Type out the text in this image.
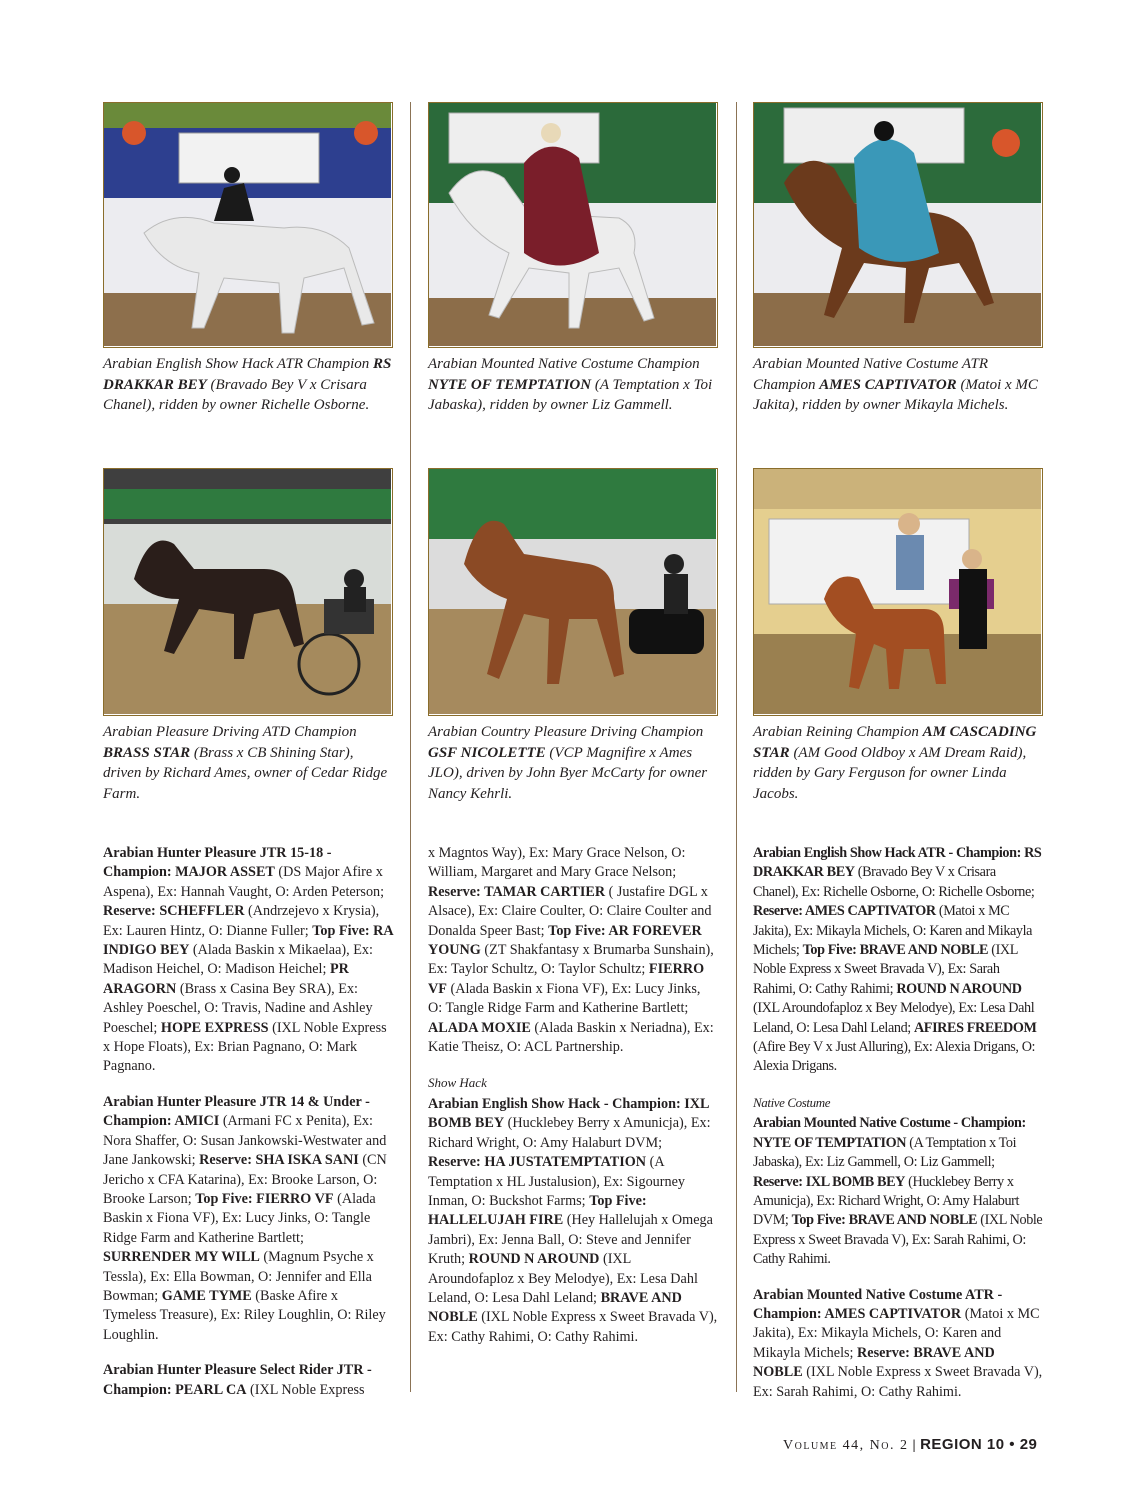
Arabian English Show Hack ATR Champion RS DRAKKAR BEY (Bravado Bey V x Crisara Chanel), ridden by owner Richelle Osborne.

Arabian Pleasure Driving ATD Champion BRASS STAR (Brass x CB Shining Star), driven by Richard Ames, owner of Cedar Ridge Farm.

Arabian Hunter Pleasure JTR 15-18 - Champion: MAJOR ASSET (DS Major Afire x Aspena), Ex: Hannah Vaught, O: Arden Peterson; Reserve: SCHEFFLER (Andrzejevo x Krysia), Ex: Lauren Hintz, O: Dianne Fuller; Top Five: RA INDIGO BEY (Alada Baskin x Mikaelaa), Ex: Madison Heichel, O: Madison Heichel; PR ARAGORN (Brass x Casina Bey SRA), Ex: Ashley Poeschel, O: Travis, Nadine and Ashley Poeschel; HOPE EXPRESS (IXL Noble Express x Hope Floats), Ex: Brian Pagnano, O: Mark Pagnano.

Arabian Hunter Pleasure JTR 14 & Under - Champion: AMICI (Armani FC x Penita), Ex: Nora Shaffer, O: Susan Jankowski-Westwater and Jane Jankowski; Reserve: SHA ISKA SANI (CN Jericho x CFA Katarina), Ex: Brooke Larson, O: Brooke Larson; Top Five: FIERRO VF (Alada Baskin x Fiona VF), Ex: Lucy Jinks, O: Tangle Ridge Farm and Katherine Bartlett; SURRENDER MY WILL (Magnum Psyche x Tessla), Ex: Ella Bowman, O: Jennifer and Ella Bowman; GAME TYME (Baske Afire x Tymeless Treasure), Ex: Riley Loughlin, O: Riley Loughlin.

Arabian Hunter Pleasure Select Rider JTR - Champion: PEARL CA (IXL Noble Express

Arabian Mounted Native Costume Champion NYTE OF TEMPTATION (A Temptation x Toi Jabaska), ridden by owner Liz Gammell.

Arabian Country Pleasure Driving Champion GSF NICOLETTE (VCP Magnifire x Ames JLO), driven by John Byer McCarty for owner Nancy Kehrli.

x Magntos Way), Ex: Mary Grace Nelson, O: William, Margaret and Mary Grace Nelson; Reserve: TAMAR CARTIER ( Justafire DGL x Alsace), Ex: Claire Coulter, O: Claire Coulter and Donalda Speer Bast; Top Five: AR FOREVER YOUNG (ZT Shakfantasy x Brumarba Sunshain), Ex: Taylor Schultz, O: Taylor Schultz; FIERRO VF (Alada Baskin x Fiona VF), Ex: Lucy Jinks, O: Tangle Ridge Farm and Katherine Bartlett; ALADA MOXIE (Alada Baskin x Neriadna), Ex: Katie Theisz, O: ACL Partnership.

Show Hack

Arabian English Show Hack - Champion: IXL BOMB BEY (Hucklebey Berry x Amunicja), Ex: Richard Wright, O: Amy Halaburt DVM; Reserve: HA JUSTATEMPTATION (A Temptation x HL Justalusion), Ex: Sigourney Inman, O: Buckshot Farms; Top Five: HALLELUJAH FIRE (Hey Hallelujah x Omega Jambri), Ex: Jenna Ball, O: Steve and Jennifer Kruth; ROUND N AROUND (IXL Aroundofaploz x Bey Melodye), Ex: Lesa Dahl Leland, O: Lesa Dahl Leland; BRAVE AND NOBLE (IXL Noble Express x Sweet Bravada V), Ex: Cathy Rahimi, O: Cathy Rahimi.

Arabian Mounted Native Costume ATR Champion AMES CAPTIVATOR (Matoi x MC Jakita), ridden by owner Mikayla Michels.

Arabian Reining Champion AM CASCADING STAR (AM Good Oldboy x AM Dream Raid), ridden by Gary Ferguson for owner Linda Jacobs.

Arabian English Show Hack ATR - Champion: RS DRAKKAR BEY (Bravado Bey V x Crisara Chanel), Ex: Richelle Osborne, O: Richelle Osborne; Reserve: AMES CAPTIVATOR (Matoi x MC Jakita), Ex: Mikayla Michels, O: Karen and Mikayla Michels; Top Five: BRAVE AND NOBLE (IXL Noble Express x Sweet Bravada V), Ex: Sarah Rahimi, O: Cathy Rahimi; ROUND N AROUND (IXL Aroundofaploz x Bey Melodye), Ex: Lesa Dahl Leland, O: Lesa Dahl Leland; AFIRES FREEDOM (Afire Bey V x Just Alluring), Ex: Alexia Drigans, O: Alexia Drigans.

Native Costume

Arabian Mounted Native Costume - Champion: NYTE OF TEMPTATION (A Temptation x Toi Jabaska), Ex: Liz Gammell, O: Liz Gammell; Reserve: IXL BOMB BEY (Hucklebey Berry x Amunicja), Ex: Richard Wright, O: Amy Halaburt DVM; Top Five: BRAVE AND NOBLE (IXL Noble Express x Sweet Bravada V), Ex: Sarah Rahimi, O: Cathy Rahimi.

Arabian Mounted Native Costume ATR - Champion: AMES CAPTIVATOR (Matoi x MC Jakita), Ex: Mikayla Michels, O: Karen and Mikayla Michels; Reserve: BRAVE AND NOBLE (IXL Noble Express x Sweet Bravada V), Ex: Sarah Rahimi, O: Cathy Rahimi.

Volume 44, No. 2 | REGION 10 • 29
